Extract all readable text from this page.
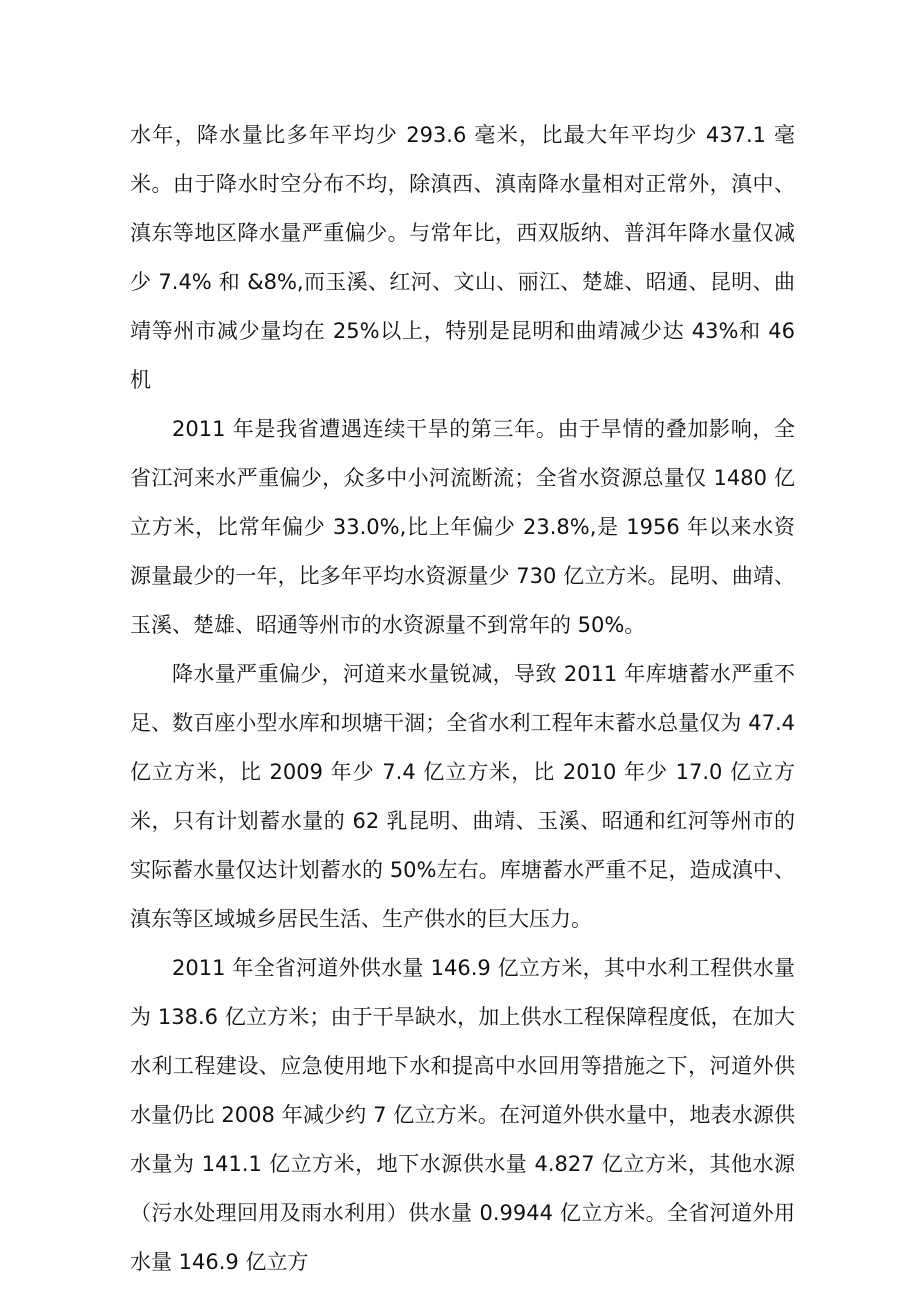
水年，降水量比多年平均少 293.6 毫米，比最大年平均少 437.1 毫米。由于降水时空分布不均，除滇西、滇南降水量相对正常外，滇中、滇东等地区降水量严重偏少。与常年比，西双版纳、普洱年降水量仅减少 7.4% 和 &8%,而玉溪、红河、文山、丽江、楚雄、昭通、昆明、曲靖等州市减少量均在 25%以上，特别是昆明和曲靖减少达 43%和 46 机

2011 年是我省遭遇连续干旱的第三年。由于旱情的叠加影响，全省江河来水严重偏少，众多中小河流断流；全省水资源总量仅 1480 亿立方米，比常年偏少 33.0%,比上年偏少 23.8%,是 1956 年以来水资源量最少的一年，比多年平均水资源量少 730 亿立方米。昆明、曲靖、玉溪、楚雄、昭通等州市的水资源量不到常年的 50%。

降水量严重偏少，河道来水量锐减，导致 2011 年库塘蓄水严重不足、数百座小型水库和坝塘干涸；全省水利工程年末蓄水总量仅为 47.4 亿立方米，比 2009 年少 7.4 亿立方米，比 2010 年少 17.0 亿立方米，只有计划蓄水量的 62 乳昆明、曲靖、玉溪、昭通和红河等州市的实际蓄水量仅达计划蓄水的 50%左右。库塘蓄水严重不足，造成滇中、滇东等区域城乡居民生活、生产供水的巨大压力。

2011 年全省河道外供水量 146.9 亿立方米，其中水利工程供水量为 138.6 亿立方米；由于干旱缺水，加上供水工程保障程度低，在加大水利工程建设、应急使用地下水和提高中水回用等措施之下，河道外供水量仍比 2008 年减少约 7 亿立方米。在河道外供水量中，地表水源供水量为 141.1 亿立方米，地下水源供水量 4.827 亿立方米，其他水源（污水处理回用及雨水利用）供水量 0.9944 亿立方米。全省河道外用水量 146.9 亿立方
